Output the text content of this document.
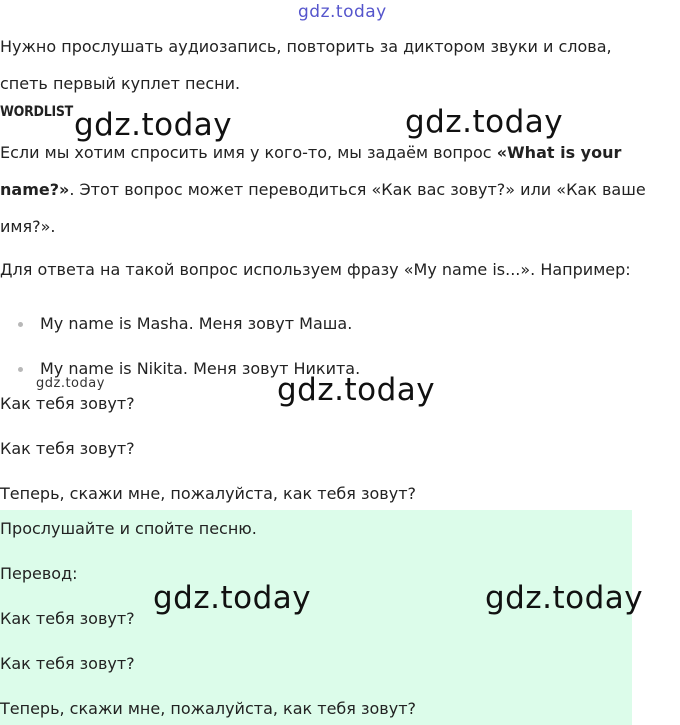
gdz.today
Нужно прослушать аудиозапись, повторить за диктором звуки и слова, спеть первый куплет песни.
WORDLIST
Если мы хотим спросить имя у кого-то, мы задаём вопрос «What is your name?». Этот вопрос может переводиться «Как вас зовут?» или «Как ваше имя?».
Для ответа на такой вопрос используем фразу «My name is...». Например:
My name is Masha. Меня зовут Маша.
My name is Nikita. Меня зовут Никита.
Как тебя зовут?
Как тебя зовут?
Теперь, скажи мне, пожалуйста, как тебя зовут?
Прослушайте и спойте песню.
Перевод:
Как тебя зовут?
Как тебя зовут?
Теперь, скажи мне, пожалуйста, как тебя зовут?
gdz.today	gdz.today
gdz.today	gdz.today
gdz.today	gdz.today
